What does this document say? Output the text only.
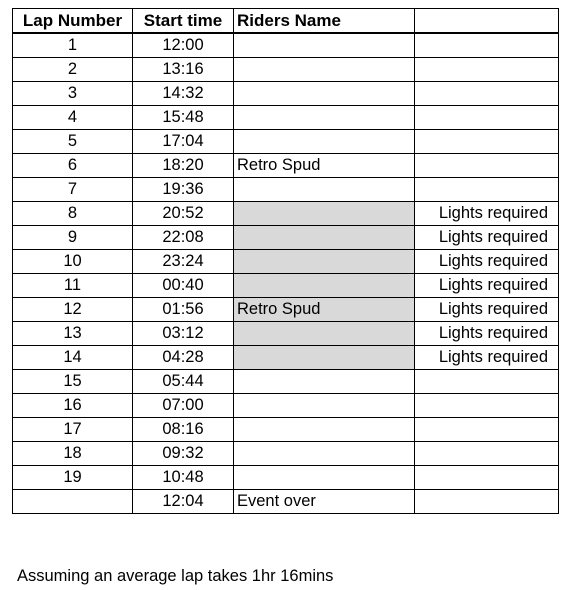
Lap Number	Start time	Riders Name	
1	12:00		
2	13:16		
3	14:32		
4	15:48		
5	17:04		
6	18:20	Retro Spud	
7	19:36		
8	20:52		Lights required
9	22:08		Lights required
10	23:24		Lights required
11	00:40		Lights required
12	01:56	Retro Spud	Lights required
13	03:12		Lights required
14	04:28		Lights required
15	05:44		
16	07:00		
17	08:16		
18	09:32		
19	10:48		
	12:04	Event over	
Assuming an average lap takes 1hr 16mins
